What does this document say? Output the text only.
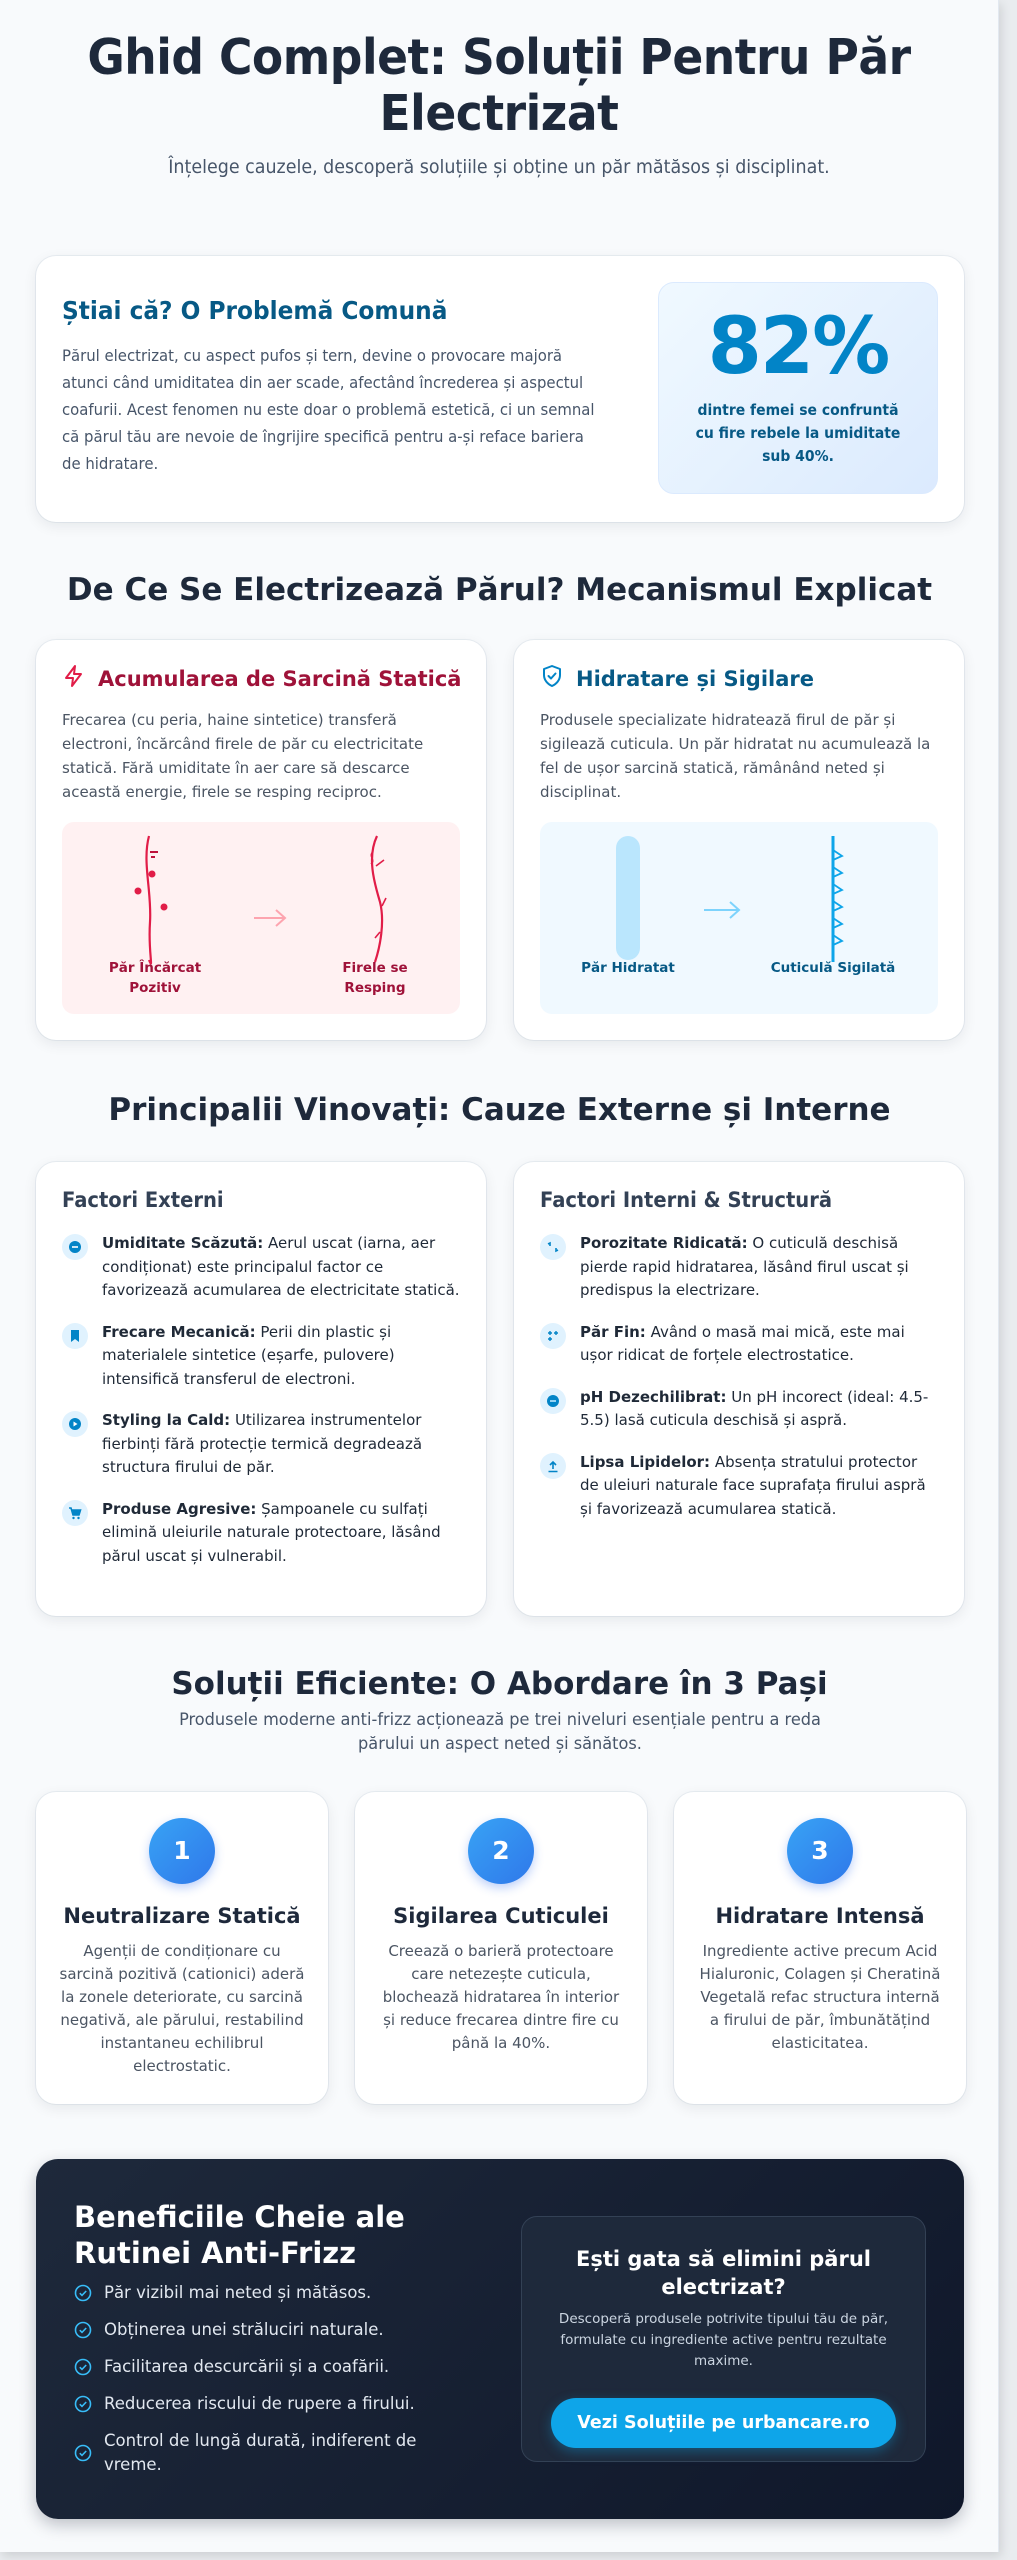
Ghid Complet: Soluții Pentru Păr Electrizat

Înțelege cauzele, descoperă soluțiile și obține un păr mătăsos și disciplinat.

Știai că? O Problemă Comună

Părul electrizat, cu aspect pufos și tern, devine o provocare majoră atunci când umiditatea din aer scade, afectând încrederea și aspectul coafurii. Acest fenomen nu este doar o problemă estetică, ci un semnal că părul tău are nevoie de îngrijire specifică pentru a-și reface bariera de hidratare.

82%
dintre femei se confruntă cu fire rebele la umiditate sub 40%.
De Ce Se Electrizează Părul? Mecanismul Explicat
Acumularea de Sarcină Statică

Frecarea (cu peria, haine sintetice) transferă electroni, încărcând firele de păr cu electricitate statică. Fără umiditate în aer care să descarce această energie, firele se resping reciproc.

Păr Încărcat Pozitiv
Firele se Resping
Hidratare și Sigilare

Produsele specializate hidratează firul de păr și sigilează cuticula. Un păr hidratat nu acumulează la fel de ușor sarcină statică, rămânând neted și disciplinat.

Păr Hidratat	Cuticulă Sigilată
Principalii Vinovați: Cauze Externe și Interne
Factori Externi
Umiditate Scăzută: Aerul uscat (iarna, aer condiționat) este principalul factor ce favorizează acumularea de electricitate statică.
Frecare Mecanică: Perii din plastic și materialele sintetice (eșarfe, pulovere) intensifică transferul de electroni.
Styling la Cald: Utilizarea instrumentelor fierbinți fără protecție termică degradează structura firului de păr.
Produse Agresive: Șampoanele cu sulfați elimină uleiurile naturale protectoare, lăsând părul uscat și vulnerabil.
Factori Interni & Structură
Porozitate Ridicată: O cuticulă deschisă pierde rapid hidratarea, lăsând firul uscat și predispus la electrizare.
Păr Fin: Având o masă mai mică, este mai ușor ridicat de forțele electrostatice.
pH Dezechilibrat: Un pH incorect (ideal: 4.5-5.5) lasă cuticula deschisă și aspră.
Lipsa Lipidelor: Absența stratului protector de uleiuri naturale face suprafața firului aspră și favorizează acumularea statică.
Soluții Eficiente: O Abordare în 3 Pași

Produsele moderne anti-frizz acționează pe trei niveluri esențiale pentru a reda părului un aspect neted și sănătos.

1
Neutralizare Statică

Agenții de condiționare cu sarcină pozitivă (cationici) aderă la zonele deteriorate, cu sarcină negativă, ale părului, restabilind instantaneu echilibrul electrostatic.

2
Sigilarea Cuticulei

Creează o barieră protectoare care netezește cuticula, blochează hidratarea în interior și reduce frecarea dintre fire cu până la 40%.

3
Hidratare Intensă

Ingrediente active precum Acid Hialuronic, Colagen și Cheratină Vegetală refac structura internă a firului de păr, îmbunătățind elasticitatea.

Beneficiile Cheie ale Rutinei Anti-Frizz
Păr vizibil mai neted și mătăsos.
Obținerea unei străluciri naturale.
Facilitarea descurcării și a coafării.
Reducerea riscului de rupere a firului.
Control de lungă durată, indiferent de vreme.
Ești gata să elimini părul electrizat?

Descoperă produsele potrivite tipului tău de păr, formulate cu ingrediente active pentru rezultate maxime.

Vezi Soluțiile pe urbancare.ro
